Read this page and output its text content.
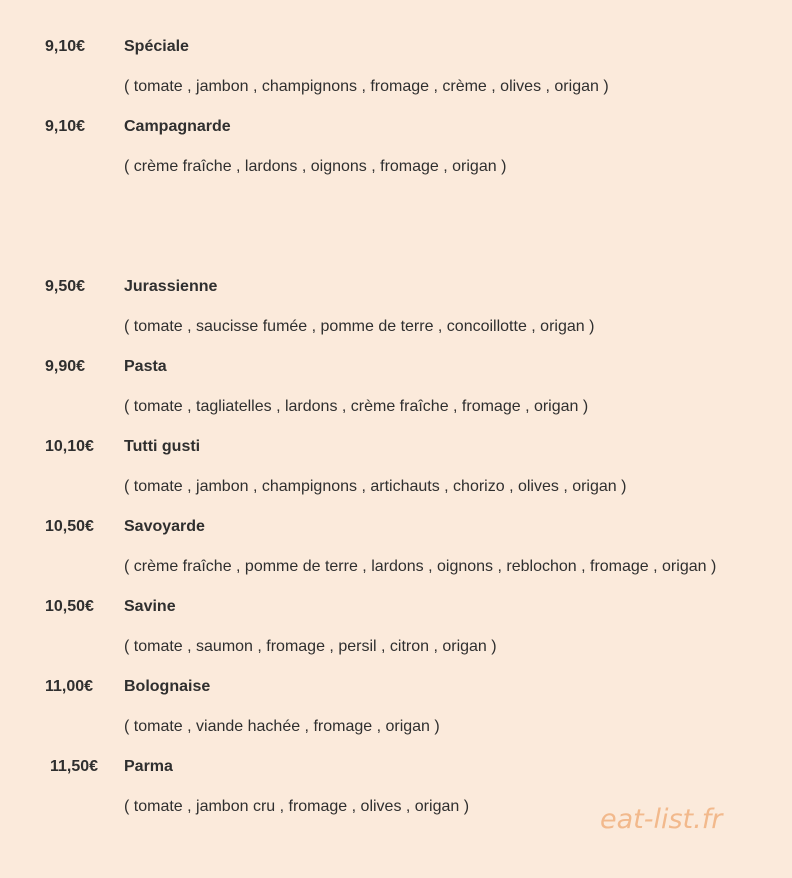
9,10€ Spéciale
( tomate , jambon , champignons , fromage , crème , olives , origan )
9,10€ Campagnarde
( crème fraîche , lardons , oignons , fromage , origan )
9,50€ Jurassienne
( tomate , saucisse fumée , pomme de terre , concoillotte , origan )
9,90€ Pasta
( tomate , tagliatelles , lardons , crème fraîche , fromage , origan )
10,10€ Tutti gusti
( tomate , jambon , champignons , artichauts , chorizo , olives , origan )
10,50€ Savoyarde
( crème fraîche , pomme de terre , lardons , oignons , reblochon , fromage , origan )
10,50€ Savine
( tomate , saumon , fromage , persil , citron , origan )
11,00€ Bolognaise
( tomate , viande hachée , fromage , origan )
11,50€ Parma
( tomate , jambon cru , fromage , olives , origan )	eat-list.fr
